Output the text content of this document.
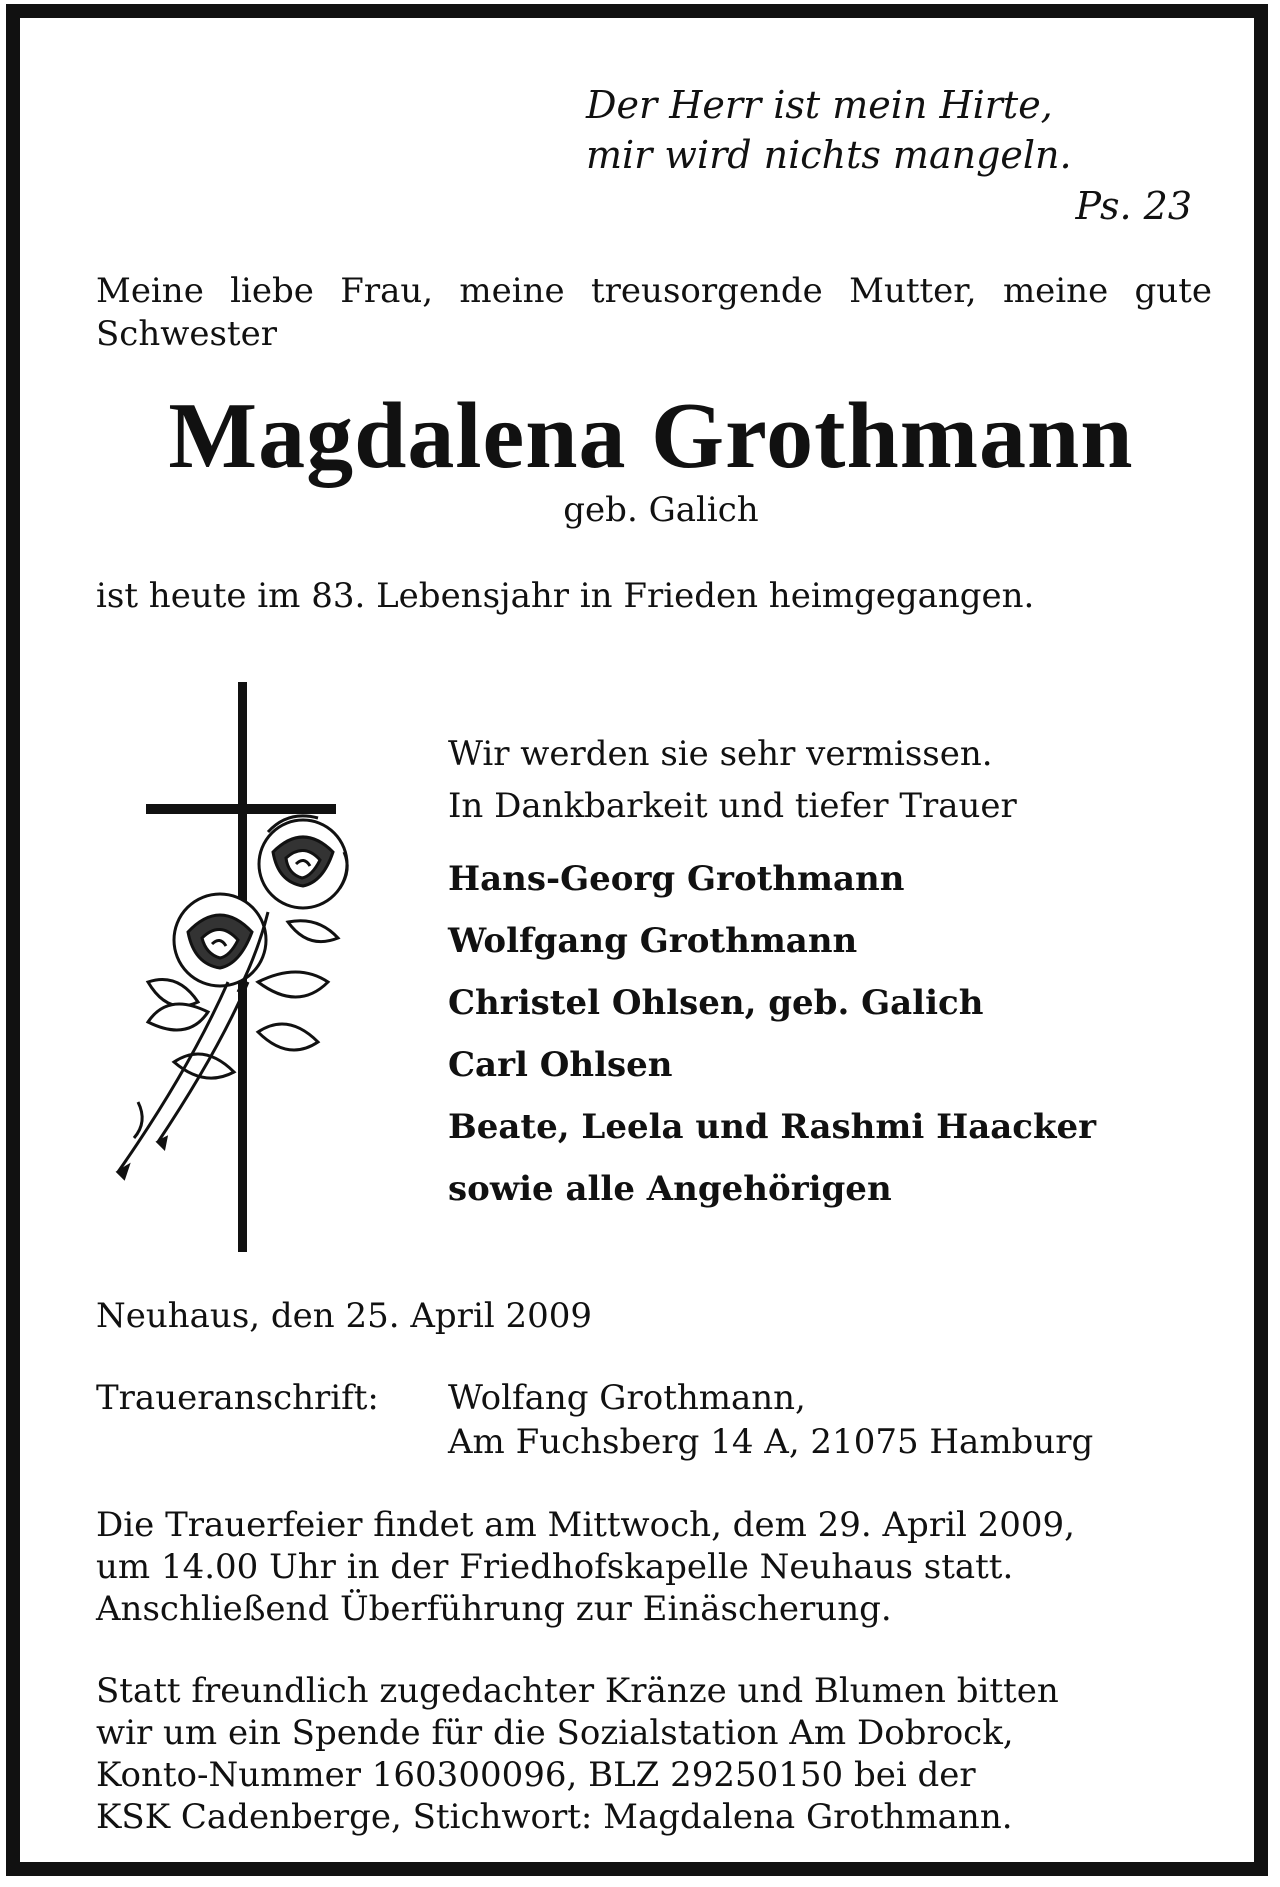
Der Herr ist mein Hirte,
mir wird nichts mangeln.
Ps. 23
Meine liebe Frau, meine treusorgende Mutter, meine gute Schwester
Magdalena Grothmann
geb. Galich
ist heute im 83. Lebensjahr in Frieden heimgegangen.
Wir werden sie sehr vermissen.
In Dankbarkeit und tiefer Trauer
Hans-Georg Grothmann
Wolfgang Grothmann
Christel Ohlsen, geb. Galich
Carl Ohlsen
Beate, Leela und Rashmi Haacker
sowie alle Angehörigen
Neuhaus, den 25. April 2009
Traueranschrift: Wolfang Grothmann,
Am Fuchsberg 14 A, 21075 Hamburg
Die Trauerfeier findet am Mittwoch, dem 29. April 2009,
um 14.00 Uhr in der Friedhofskapelle Neuhaus statt.
Anschließend Überführung zur Einäscherung.
Statt freundlich zugedachter Kränze und Blumen bitten
wir um ein Spende für die Sozialstation Am Dobrock,
Konto-Nummer 160300096, BLZ 29250150 bei der
KSK Cadenberge, Stichwort: Magdalena Grothmann.
